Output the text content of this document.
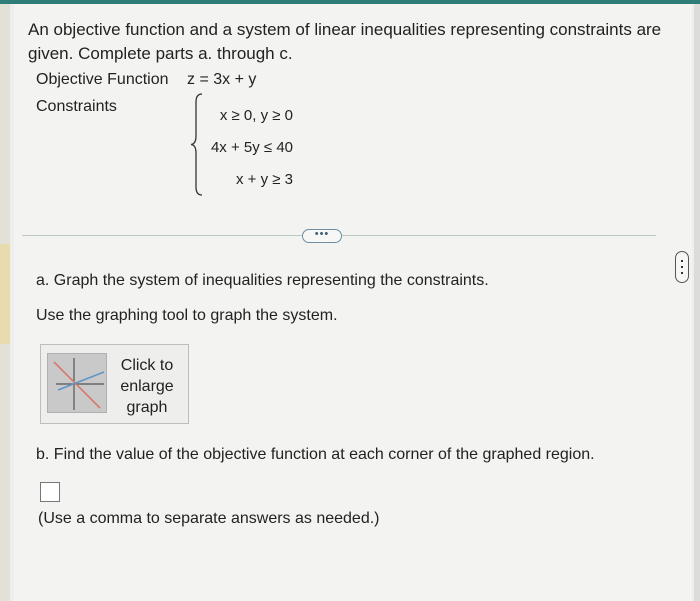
An objective function and a system of linear inequalities representing constraints are given. Complete parts a. through c.
Objective Function z = 3x + y
Constraints
x ≥ 0, y ≥ 0
4x + 5y ≤ 40
x + y ≥ 3
•••
a. Graph the system of inequalities representing the constraints.
Use the graphing tool to graph the system.
Click to
enlarge
graph
b. Find the value of the objective function at each corner of the graphed region.
(Use a comma to separate answers as needed.)
